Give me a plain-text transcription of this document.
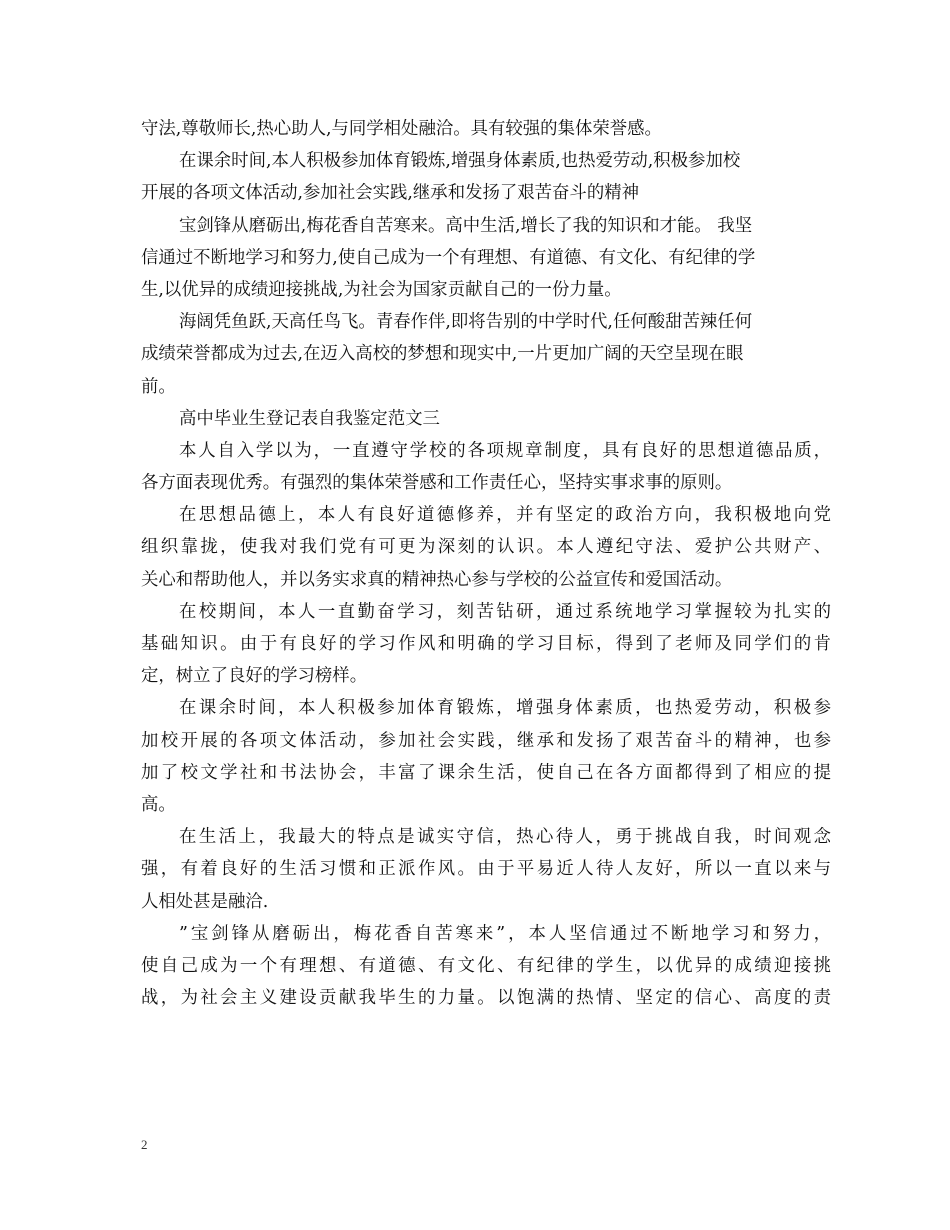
守法,尊敬师长,热心助人,与同学相处融洽。具有较强的集体荣誉感。
在课余时间,本人积极参加体育锻炼,增强身体素质,也热爱劳动,积极参加校
开展的各项文体活动,参加社会实践,继承和发扬了艰苦奋斗的精神
宝剑锋从磨砺出,梅花香自苦寒来。高中生活,增长了我的知识和才能。 我坚
信通过不断地学习和努力,使自己成为一个有理想、有道德、有文化、有纪律的学
生,以优异的成绩迎接挑战,为社会为国家贡献自己的一份力量。
海阔凭鱼跃,天高任鸟飞。青春作伴,即将告别的中学时代,任何酸甜苦辣任何
成绩荣誉都成为过去,在迈入高校的梦想和现实中,一片更加广阔的天空呈现在眼
前。
高中毕业生登记表自我鉴定范文三
本人自入学以为，一直遵守学校的各项规章制度，具有良好的思想道德品质，
各方面表现优秀。有强烈的集体荣誉感和工作责任心，坚持实事求事的原则。
在思想品德上，本人有良好道德修养，并有坚定的政治方向，我积极地向党
组织靠拢，使我对我们党有可更为深刻的认识。本人遵纪守法、爱护公共财产、
关心和帮助他人，并以务实求真的精神热心参与学校的公益宣传和爱国活动。
在校期间，本人一直勤奋学习，刻苦钻研，通过系统地学习掌握较为扎实的
基础知识。由于有良好的学习作风和明确的学习目标，得到了老师及同学们的肯
定，树立了良好的学习榜样。
在课余时间，本人积极参加体育锻炼，增强身体素质，也热爱劳动，积极参
加校开展的各项文体活动，参加社会实践，继承和发扬了艰苦奋斗的精神，也参
加了校文学社和书法协会，丰富了课余生活，使自己在各方面都得到了相应的提
高。
在生活上，我最大的特点是诚实守信，热心待人，勇于挑战自我，时间观念
强，有着良好的生活习惯和正派作风。由于平易近人待人友好，所以一直以来与
人相处甚是融洽.
”宝剑锋从磨砺出，梅花香自苦寒来”，本人坚信通过不断地学习和努力，
使自己成为一个有理想、有道德、有文化、有纪律的学生，以优异的成绩迎接挑
战，为社会主义建设贡献我毕生的力量。以饱满的热情、坚定的信心、高度的责
2
